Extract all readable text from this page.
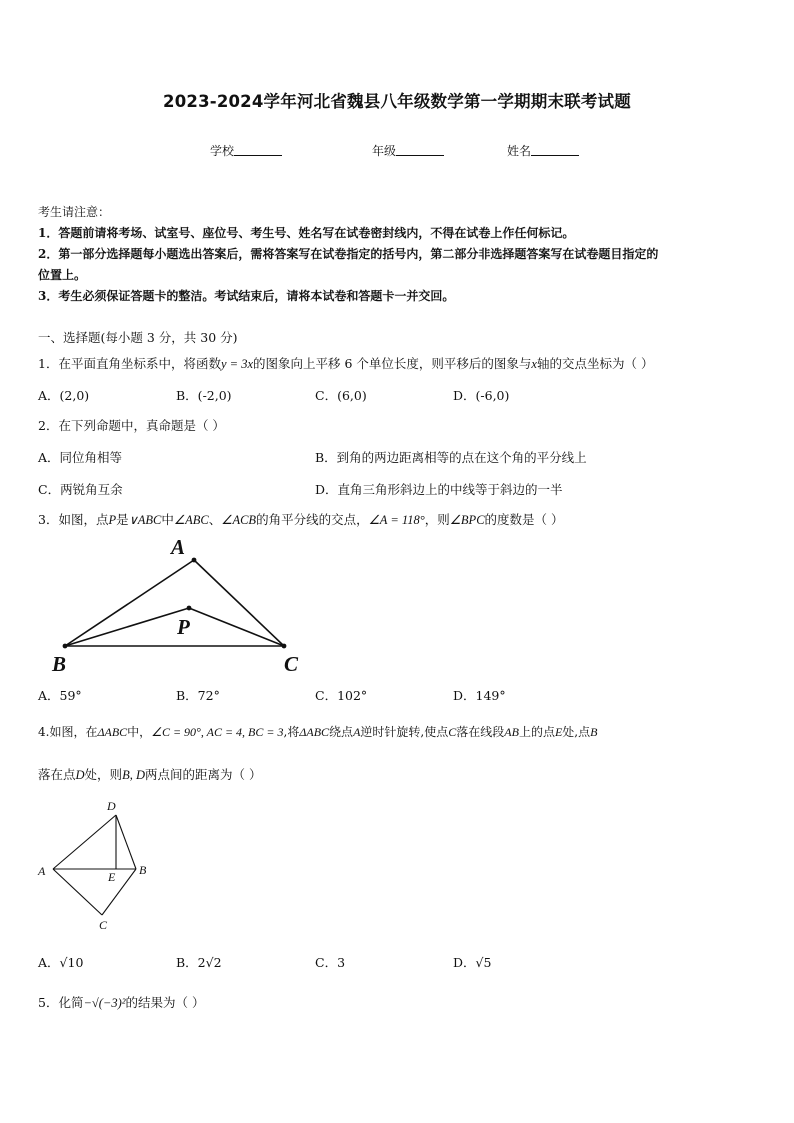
2023-2024学年河北省魏县八年级数学第一学期期末联考试题
学校	年级	姓名
考生请注意：
1．答题前请将考场、试室号、座位号、考生号、姓名写在试卷密封线内，不得在试卷上作任何标记。
2．第一部分选择题每小题选出答案后，需将答案写在试卷指定的括号内，第二部分非选择题答案写在试卷题目指定的
位置上。
3．考生必须保证答题卡的整洁。考试结束后，请将本试卷和答题卡一并交回。
一、选择题(每小题 3 分，共 30 分)
1．在平面直角坐标系中，将函数y = 3x的图象向上平移 6 个单位长度，则平移后的图象与x轴的交点坐标为（ ）
A．(2,0)	B．(-2,0)	C．(6,0)	D．(-6,0)
2．在下列命题中，真命题是（ ）
A．同位角相等	B．到角的两边距离相等的点在这个角的平分线上
C．两锐角互余	D．直角三角形斜边上的中线等于斜边的一半
3．如图，点P是∨ABC中∠ABC、∠ACB的角平分线的交点，∠A = 118°，则∠BPC的度数是（ ）
A
B	C
P
A．59°	B．72°	C．102°	D．149°
4.如图，在ΔABC中，∠C = 90°, AC = 4, BC = 3,将ΔABC绕点A逆时针旋转,使点C落在线段AB上的点E处,点B
落在点D处，则B, D两点间的距离为（ ）
A
D
B
E
C
A．√10	B．2√2	C．3	D．√5
5．化简−√(−3)²的结果为（ ）
